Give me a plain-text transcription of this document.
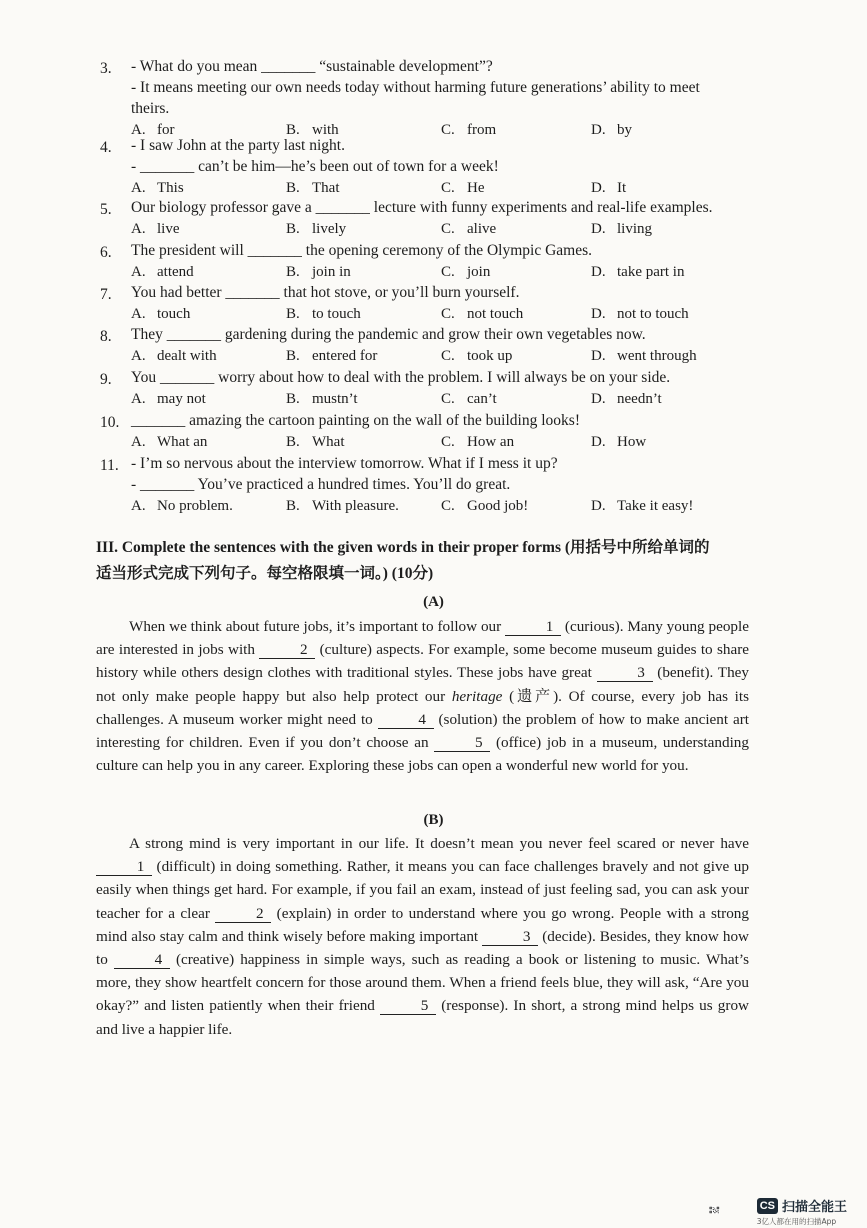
3. - What do you mean _______ “sustainable development”?
- It means meeting our own needs today without harming future generations’ ability to meet
theirs.
A. for	B. with	C. from	D. by
4. - I saw John at the party last night.
- _______ can’t be him—he’s been out of town for a week!
A. This	B. That	C. He	D. It
5. Our biology professor gave a _______ lecture with funny experiments and real-life examples.
A. live	B. lively	C. alive	D. living
6. The president will _______ the opening ceremony of the Olympic Games.
A. attend	B. join in	C. join	D. take part in
7. You had better _______ that hot stove, or you’ll burn yourself.
A. touch	B. to touch	C. not touch	D. not to touch
8. They _______ gardening during the pandemic and grow their own vegetables now.
A. dealt with	B. entered for	C. took up	D. went through
9. You _______ worry about how to deal with the problem. I will always be on your side.
A. may not	B. mustn’t	C. can’t	D. needn’t
10. _______ amazing the cartoon painting on the wall of the building looks!
A. What an	B. What	C. How an	D. How
11. - I’m so nervous about the interview tomorrow. What if I mess it up?
- _______ You’ve practiced a hundred times. You’ll do great.
A. No problem.	B. With pleasure.	C. Good job!	D. Take it easy!
III. Complete the sentences with the given words in their proper forms (用括号中所给单词的
适当形式完成下列句子。每空格限填一词。) (10分)
(A)

When we think about future jobs, it’s important to follow our	1 (curious). Many young people are interested in jobs with	2 (culture) aspects. For example, some become museum guides to share history while others design clothes with traditional styles. These jobs have great	3 (benefit). They not only make people happy but also help protect our heritage (遗产). Of course, every job has its challenges. A museum worker might need to	4 (solution) the problem of how to make ancient art interesting for children. Even if you don’t choose an	5 (office) job in a museum, understanding culture can help you in any career. Exploring these jobs can open a wonderful new world for you.

(B)

A strong mind is very important in our life. It doesn’t mean you never feel scared or never have 1 (difficult) in doing something. Rather, it means you can face challenges bravely and not give up easily when things get hard. For example, if you fail an exam, instead of just feeling sad, you can ask your teacher for a clear	2 (explain) in order to understand where you go wrong. People with a strong mind also stay calm and think wisely before making important	3 (decide). Besides, they know how to	4 (creative) happiness in simple ways, such as reading a book or listening to music. What’s more, they show heartfelt concern for those around them. When a friend feels blue, they will ask, “Are you okay?” and listen patiently when their friend	5 (response). In short, a strong mind helps us grow and live a happier life.

CS 扫描全能王
3亿人都在用的扫描App
